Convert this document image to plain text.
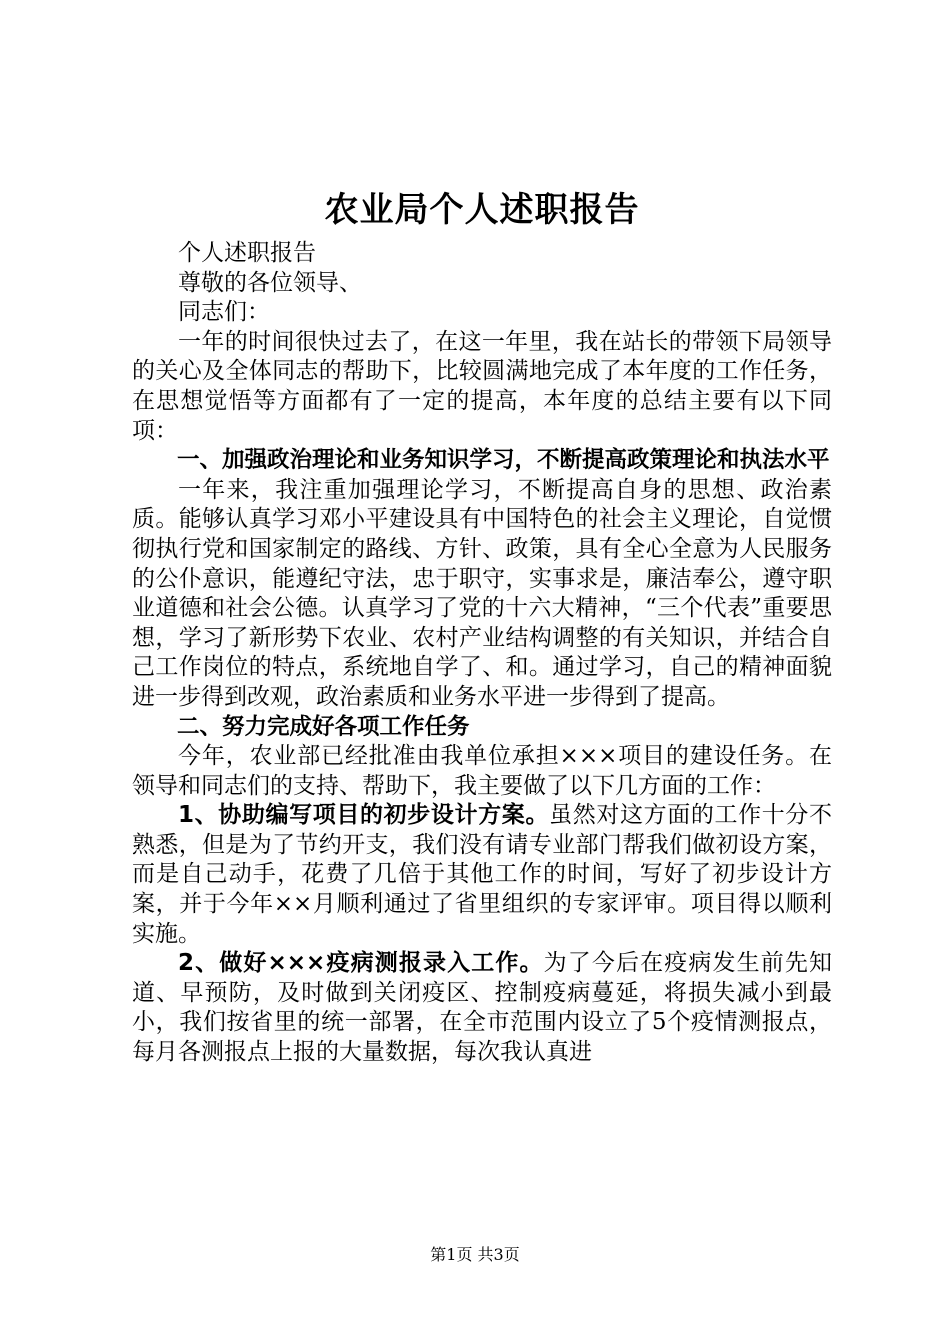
农业局个人述职报告

个人述职报告

尊敬的各位领导、

同志们：

一年的时间很快过去了，在这一年里，我在站长的带领下局领导的关心及全体同志的帮助下，比较圆满地完成了本年度的工作任务，在思想觉悟等方面都有了一定的提高，本年度的总结主要有以下同项：

一、加强政治理论和业务知识学习，不断提高政策理论和执法水平

一年来，我注重加强理论学习，不断提高自身的思想、政治素质。能够认真学习邓小平建设具有中国特色的社会主义理论，自觉惯彻执行党和国家制定的路线、方针、政策，具有全心全意为人民服务的公仆意识，能遵纪守法，忠于职守，实事求是，廉洁奉公，遵守职业道德和社会公德。认真学习了党的十六大精神，“三个代表”重要思想，学习了新形势下农业、农村产业结构调整的有关知识，并结合自己工作岗位的特点，系统地自学了、和。通过学习，自己的精神面貌进一步得到改观，政治素质和业务水平进一步得到了提高。

二、努力完成好各项工作任务

今年，农业部已经批准由我单位承担×××项目的建设任务。在领导和同志们的支持、帮助下，我主要做了以下几方面的工作：

1、协助编写项目的初步设计方案。虽然对这方面的工作十分不熟悉，但是为了节约开支，我们没有请专业部门帮我们做初设方案，而是自己动手，花费了几倍于其他工作的时间，写好了初步设计方案，并于今年××月顺利通过了省里组织的专家评审。项目得以顺利实施。

2、做好×××疫病测报录入工作。为了今后在疫病发生前先知道、早预防，及时做到关闭疫区、控制疫病蔓延，将损失减小到最小，我们按省里的统一部署，在全市范围内设立了5个疫情测报点，每月各测报点上报的大量数据，每次我认真进

第1页 共3页
